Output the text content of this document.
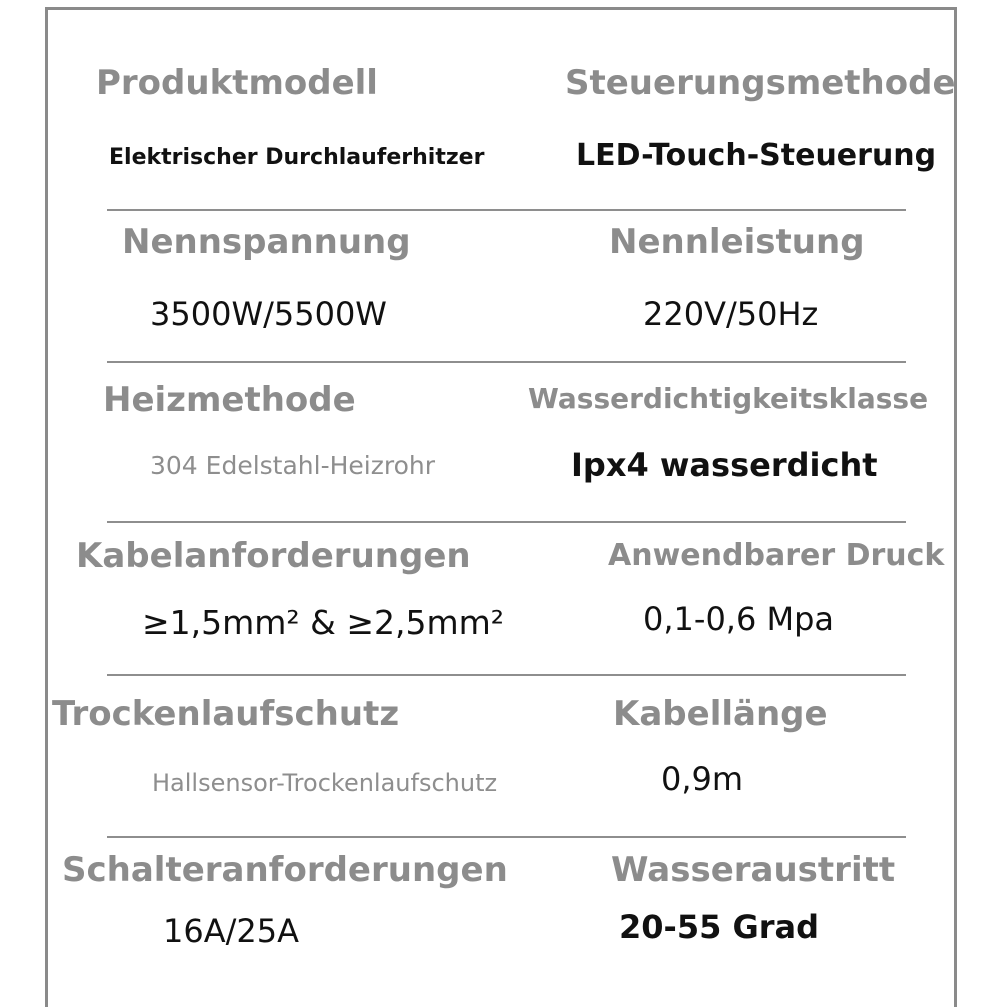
Produktmodell	Steuerungsmethode
Elektrischer Durchlauferhitzer	LED-Touch-Steuerung
Nennspannung	Nennleistung
3500W/5500W	220V/50Hz
Heizmethode	Wasserdichtigkeitsklasse
304 Edelstahl-Heizrohr	Ipx4 wasserdicht
Kabelanforderungen	Anwendbarer Druck
≥1,5mm² & ≥2,5mm²	0,1-0,6 Mpa
Trockenlaufschutz	Kabellänge
Hallsensor-Trockenlaufschutz	0,9m
Schalteranforderungen	Wasseraustritt
16A/25A	20-55 Grad
